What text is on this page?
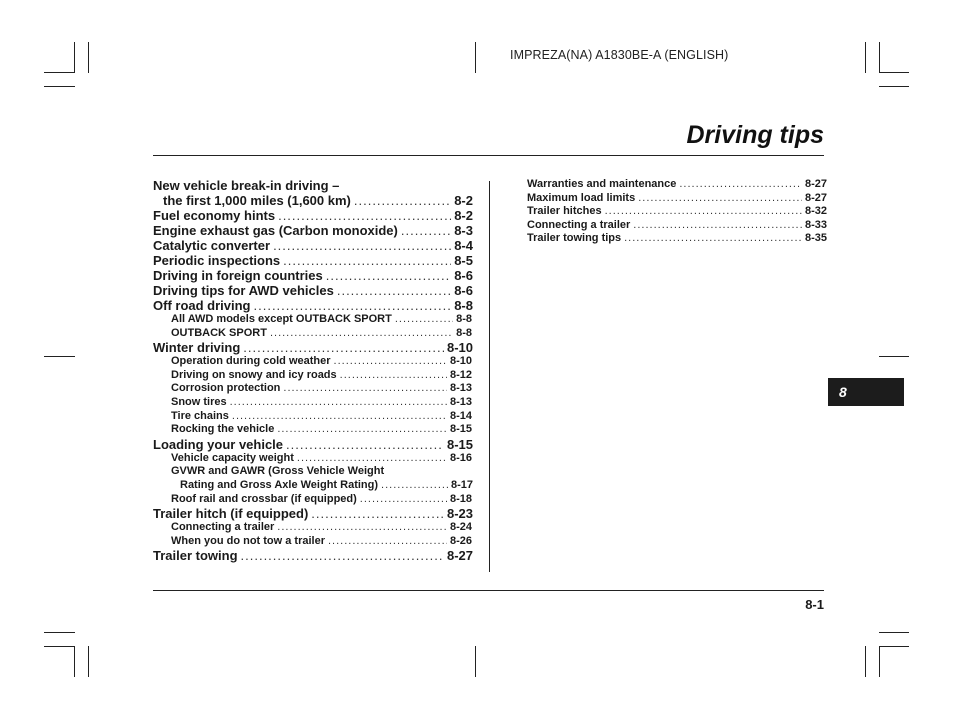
IMPREZA(NA) A1830BE-A (ENGLISH)
Driving tips
8
New vehicle break-in driving –
the first 1,000 miles (1,600 km) .....	8-2
Fuel economy hints .....	8-2
Engine exhaust gas (Carbon monoxide) .....	8-3
Catalytic converter .....	8-4
Periodic inspections .....	8-5
Driving in foreign countries .....	8-6
Driving tips for AWD vehicles .....	8-6
Off road driving .....	8-8
All AWD models except OUTBACK SPORT .....	8-8
OUTBACK SPORT .....	8-8
Winter driving .....	8-10
Operation during cold weather .....	8-10
Driving on snowy and icy roads .....	8-12
Corrosion protection .....	8-13
Snow tires .....	8-13
Tire chains .....	8-14
Rocking the vehicle .....	8-15
Loading your vehicle .....	8-15
Vehicle capacity weight .....	8-16
GVWR and GAWR (Gross Vehicle Weight
Rating and Gross Axle Weight Rating) .....	8-17
Roof rail and crossbar (if equipped) .....	8-18
Trailer hitch (if equipped) .....	8-23
Connecting a trailer .....	8-24
When you do not tow a trailer .....	8-26
Trailer towing .....	8-27
Warranties and maintenance .....	8-27
Maximum load limits .....	8-27
Trailer hitches .....	8-32
Connecting a trailer .....	8-33
Trailer towing tips .....	8-35
8-1
